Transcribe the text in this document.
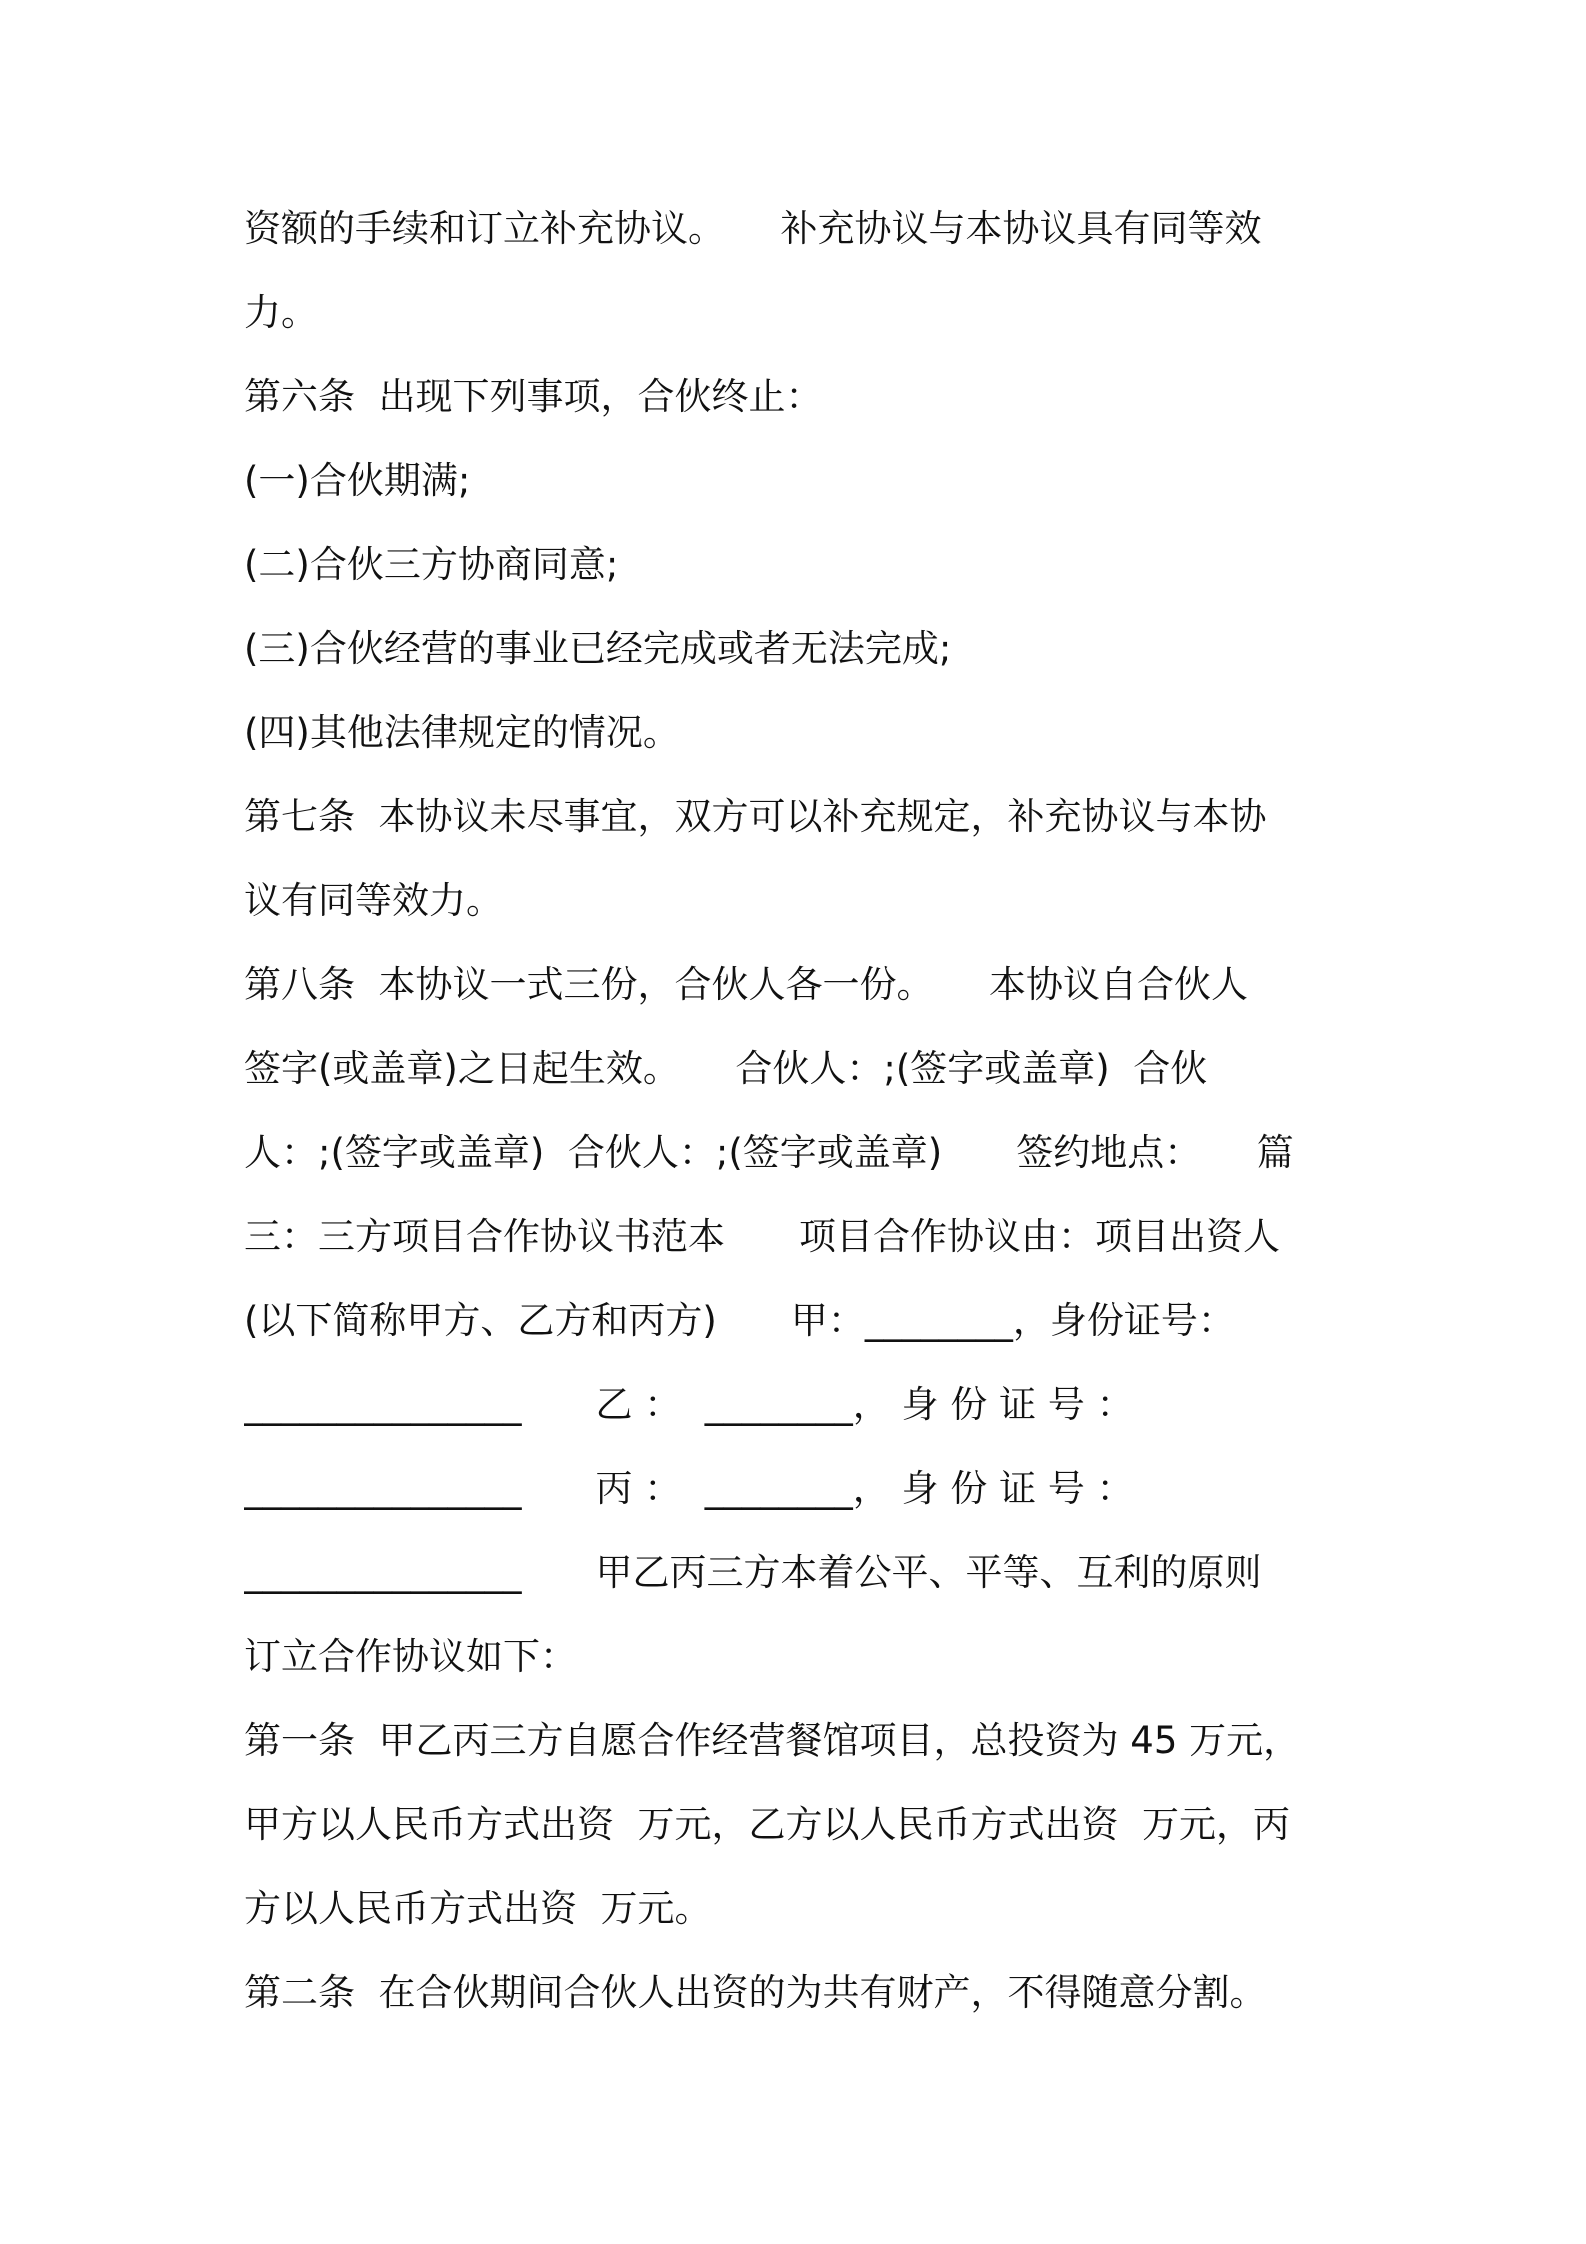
资额的手续和订立补充协议。　　补充协议与本协议具有同等效
力。
第六条  出现下列事项，合伙终止：
(一)合伙期满;
(二)合伙三方协商同意;
(三)合伙经营的事业已经完成或者无法完成;
(四)其他法律规定的情况。
第七条  本协议未尽事宜，双方可以补充规定，补充协议与本协
议有同等效力。
第八条  本协议一式三份，合伙人各一份。　　本协议自合伙人
签字(或盖章)之日起生效。　　合伙人：;(签字或盖章)  合伙
人：;(签字或盖章)  合伙人：;(签字或盖章)　　签约地点：　　篇
三：三方项目合作协议书范本　　项目合作协议由：项目出资人
(以下简称甲方、乙方和丙方)　　甲：________，身份证号：
_______________　　乙 ：  ________， 身 份 证 号 ：
_______________　　丙 ：  ________， 身 份 证 号 ：
_______________　　甲乙丙三方本着公平、平等、互利的原则
订立合作协议如下：
第一条  甲乙丙三方自愿合作经营餐馆项目，总投资为 45 万元，
甲方以人民币方式出资  万元，乙方以人民币方式出资  万元，丙
方以人民币方式出资  万元。
第二条  在合伙期间合伙人出资的为共有财产，不得随意分割。
